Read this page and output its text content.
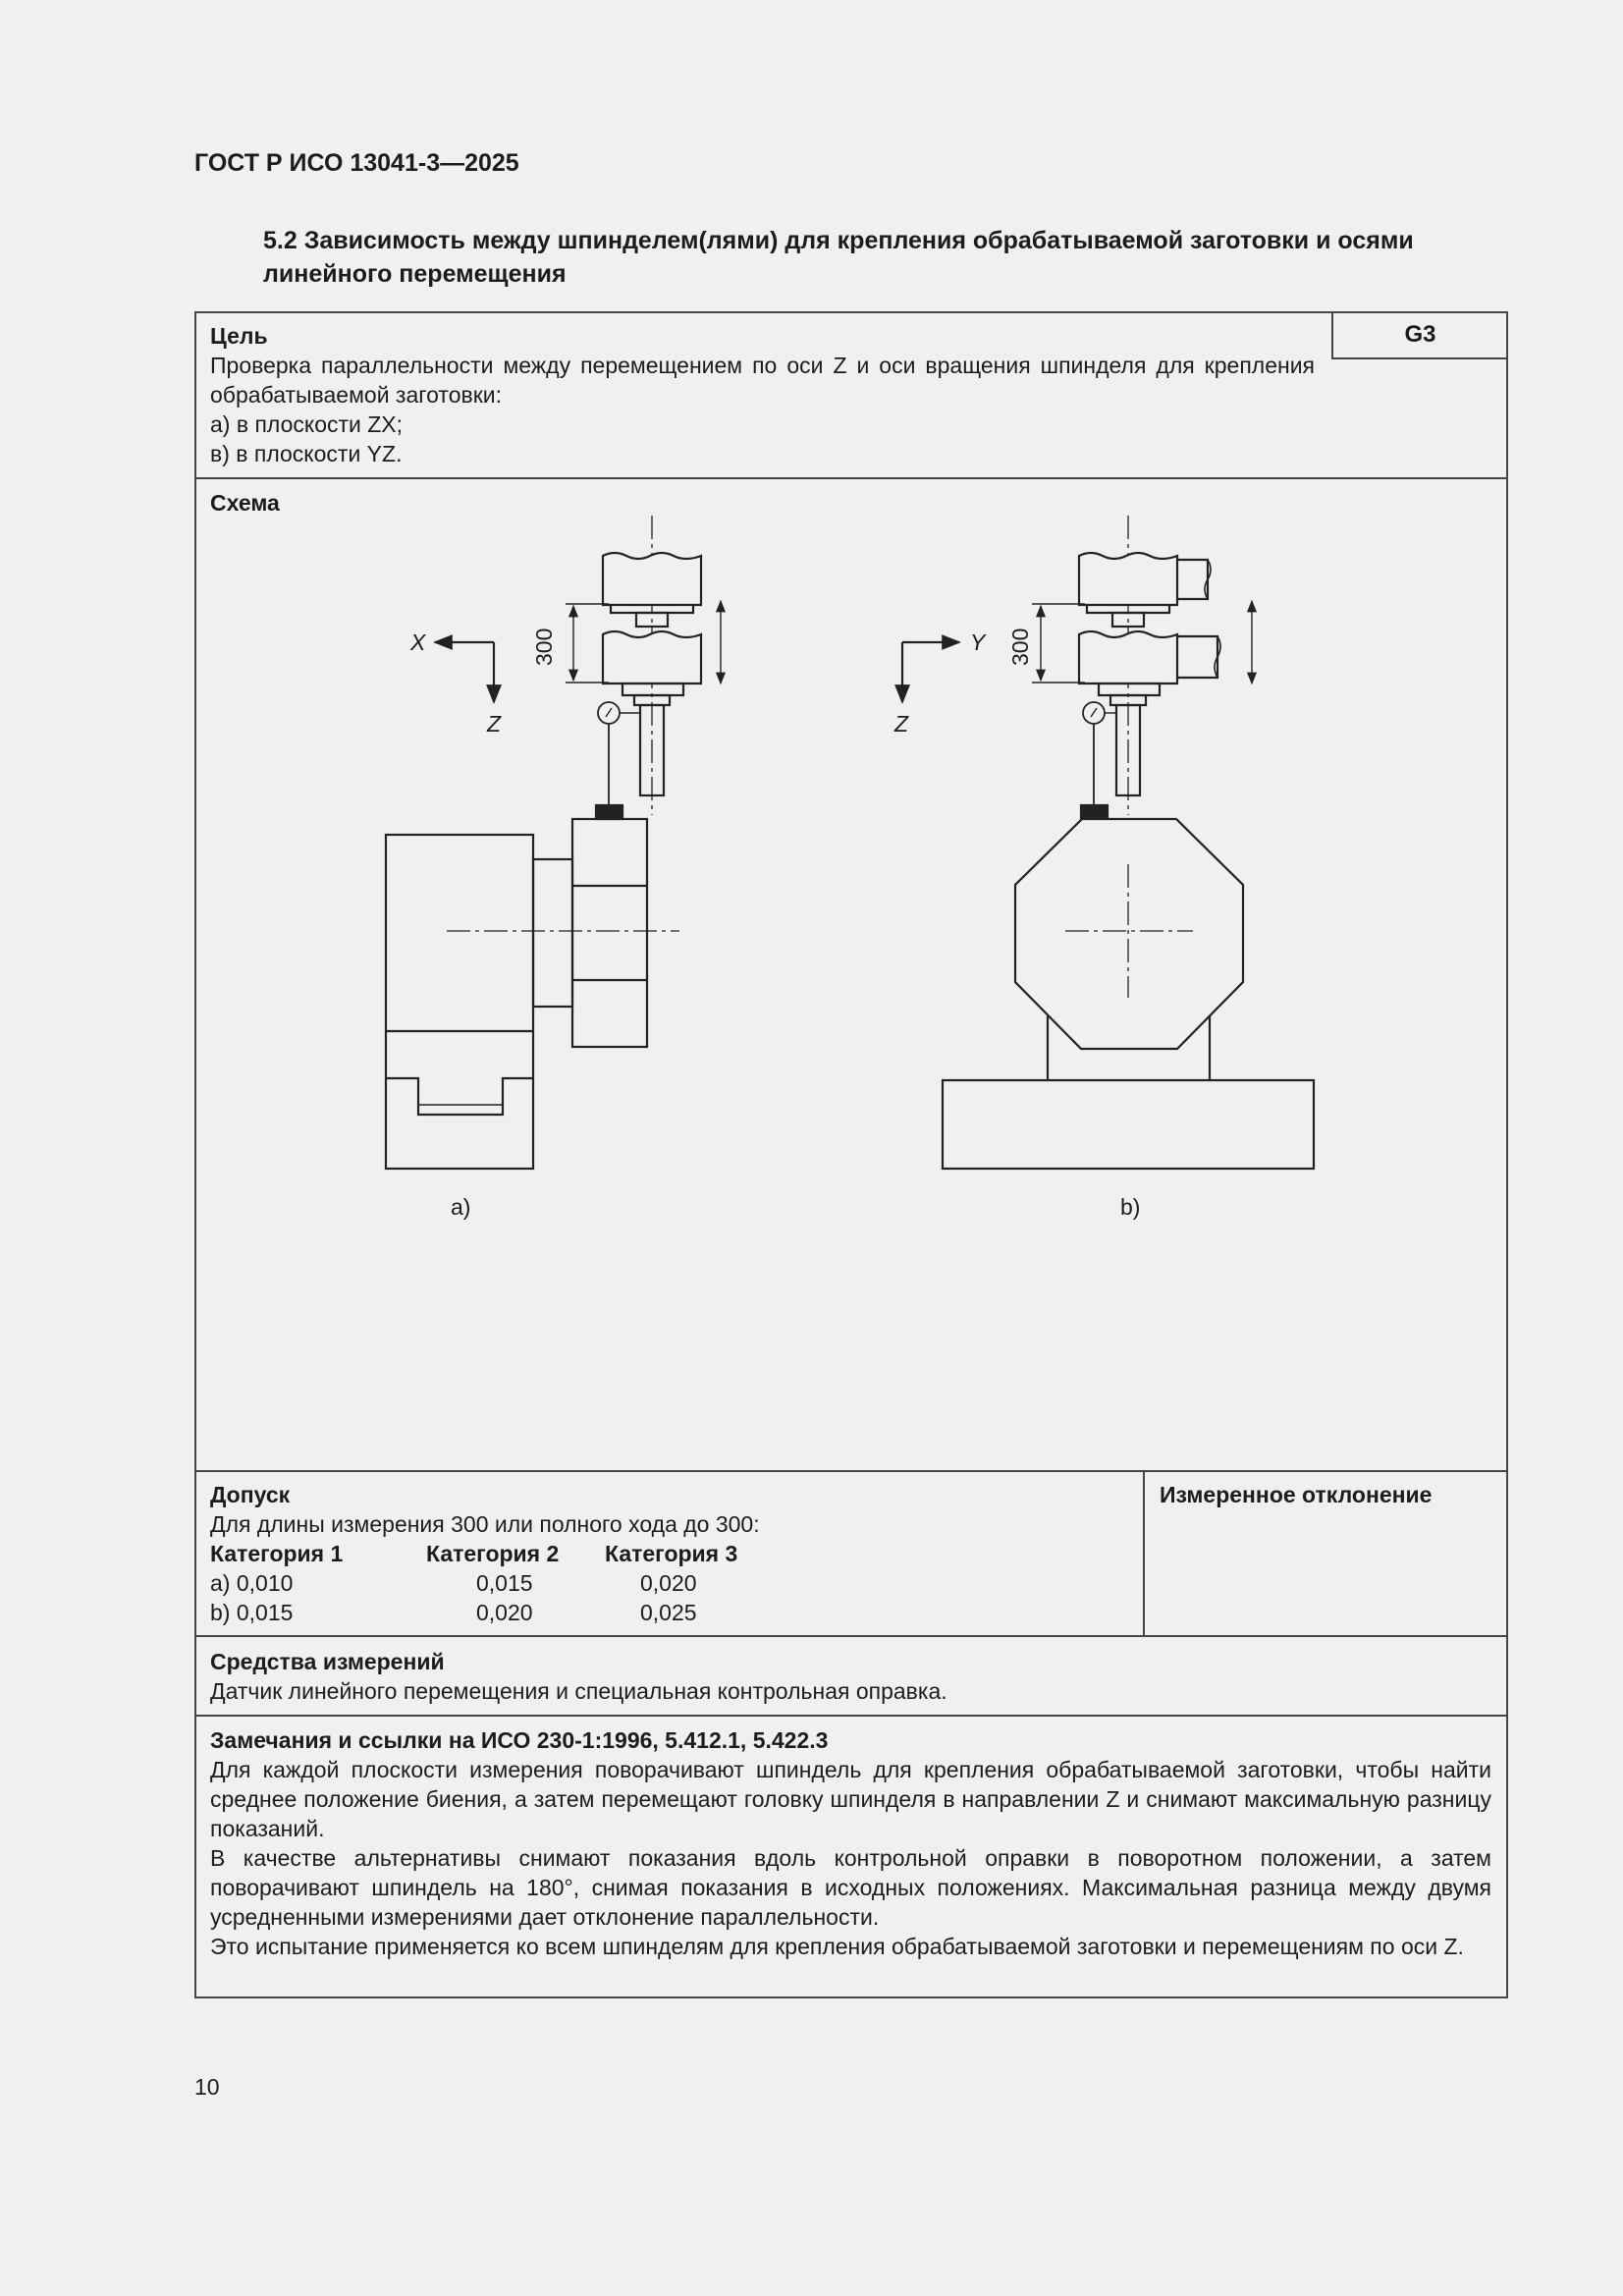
ГОСТ Р ИСО 13041-3—2025
5.2 Зависимость между шпинделем(лями) для крепления обрабатываемой заготовки и осями линейного перемещения
G3
Цель
Проверка параллельности между перемещением по оси Z и оси вращения шпинделя для крепления обрабатываемой заготовки:
а) в плоскости ZX;
в) в плоскости YZ.
Схема
X
Z
300
a)
Y
Z
300
b)
Допуск
Для длины измерения 300 или полного хода до 300:
Категория 1	Категория 2 Категория 3
a) 0,010	0,015	0,020
b) 0,015	0,020	0,025
Измеренное отклонение
Средства измерений
Датчик линейного перемещения и специальная контрольная оправка.
Замечания и ссылки на ИСО 230-1:1996, 5.412.1, 5.422.3
Для каждой плоскости измерения поворачивают шпиндель для крепления обрабатываемой заготовки, чтобы найти среднее положение биения, а затем перемещают головку шпинделя в направлении Z и снимают максимальную разницу показаний.
В качестве альтернативы снимают показания вдоль контрольной оправки в поворотном положении, а затем поворачивают шпиндель на 180°, снимая показания в исходных положениях. Максимальная разница между двумя усредненными измерениями дает отклонение параллельности.
Это испытание применяется ко всем шпинделям для крепления обрабатываемой заготовки и перемещениям по оси Z.
10
